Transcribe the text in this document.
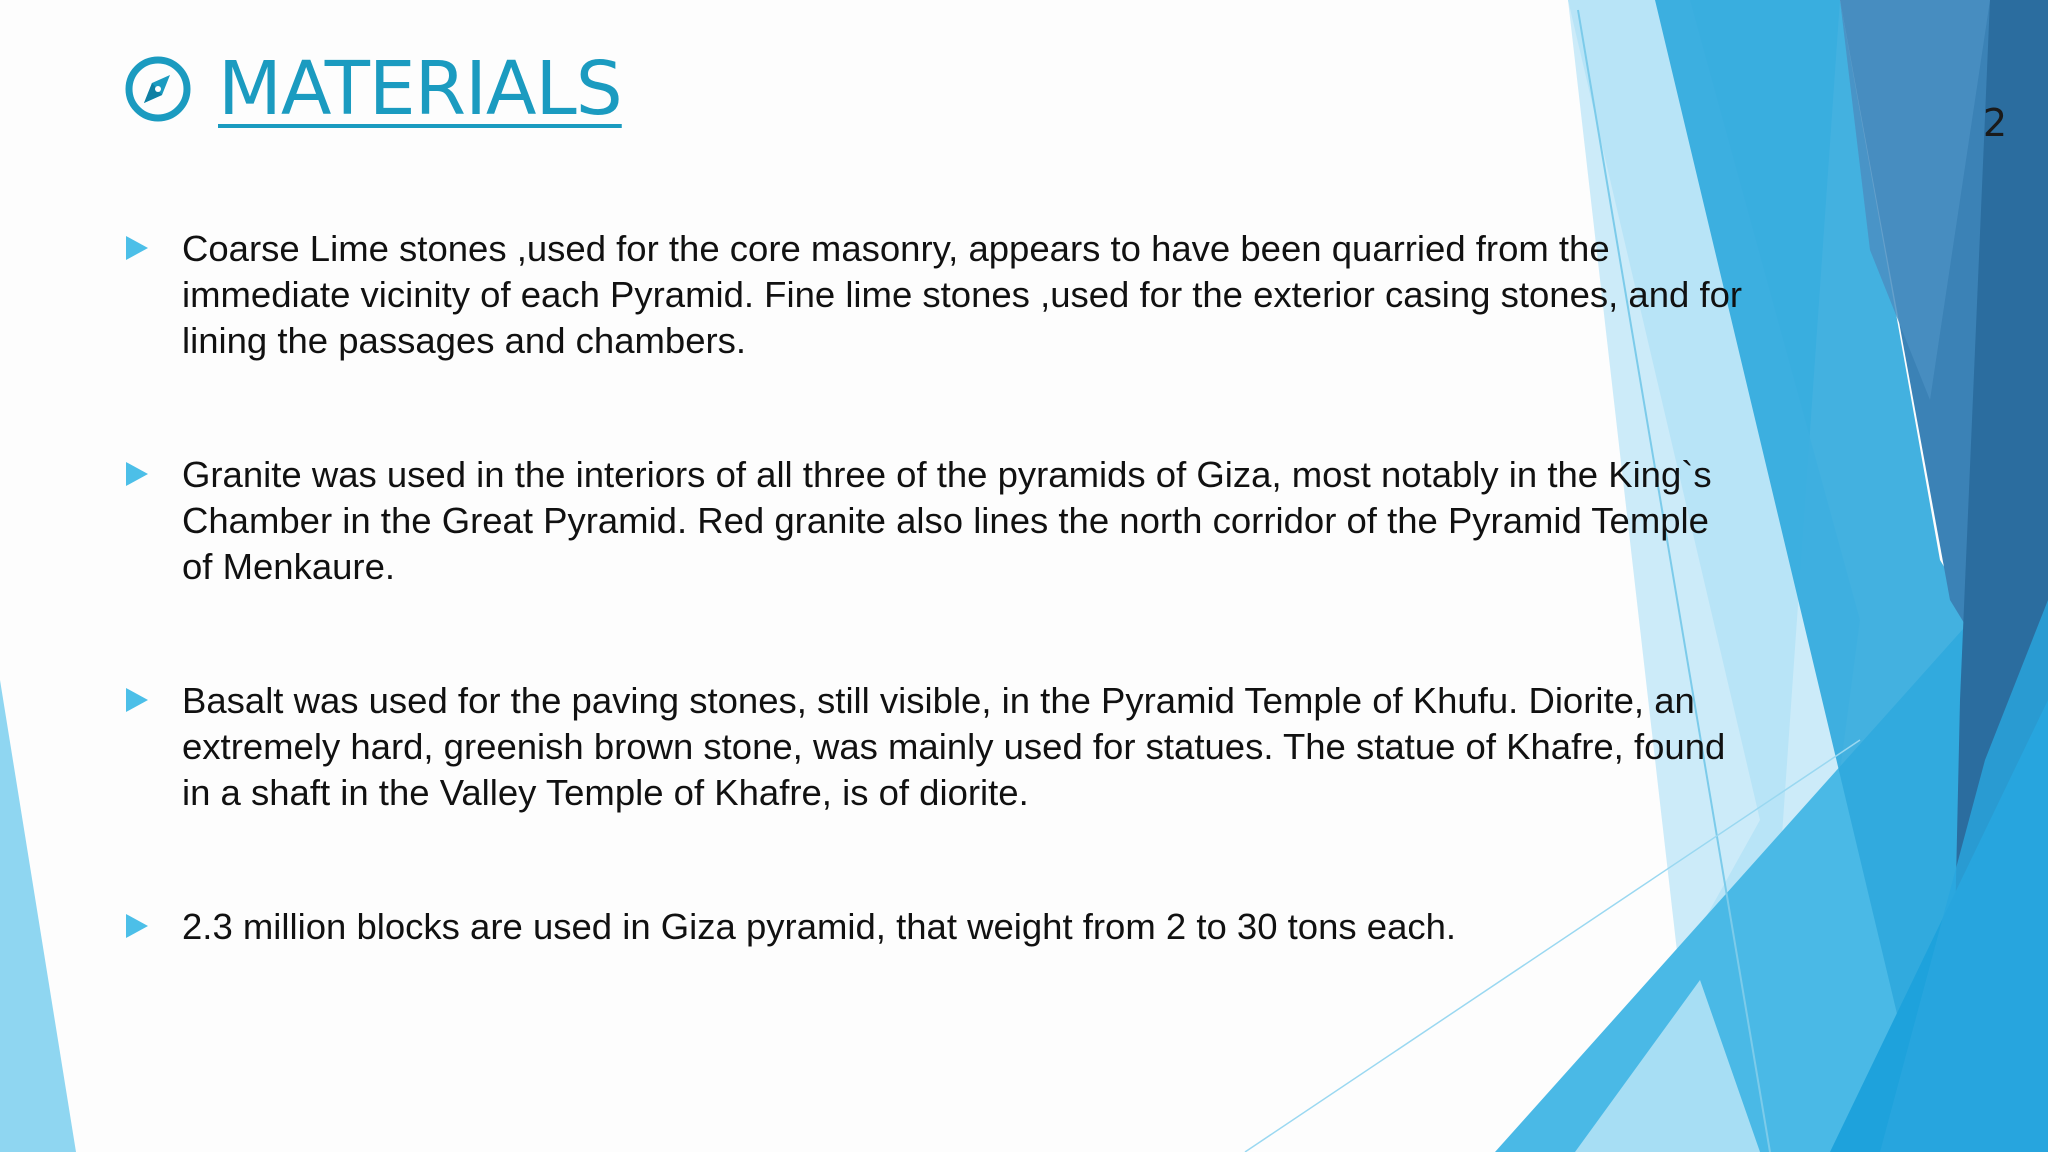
MATERIALS	2
Coarse Lime stones ,used for the core masonry, appears to have been quarried from the
immediate vicinity of each Pyramid. Fine lime stones ,used for the exterior casing stones, and for
lining the passages and chambers.
Granite was used in the interiors of all three of the pyramids of Giza, most notably in the King`s
Chamber in the Great Pyramid. Red granite also lines the north corridor of the Pyramid Temple
of Menkaure.
Basalt was used for the paving stones, still visible, in the Pyramid Temple of Khufu. Diorite, an
extremely hard, greenish brown stone, was mainly used for statues. The statue of Khafre, found
in a shaft in the Valley Temple of Khafre, is of diorite.
2.3 million blocks are used in Giza pyramid, that weight from 2 to 30 tons each.
